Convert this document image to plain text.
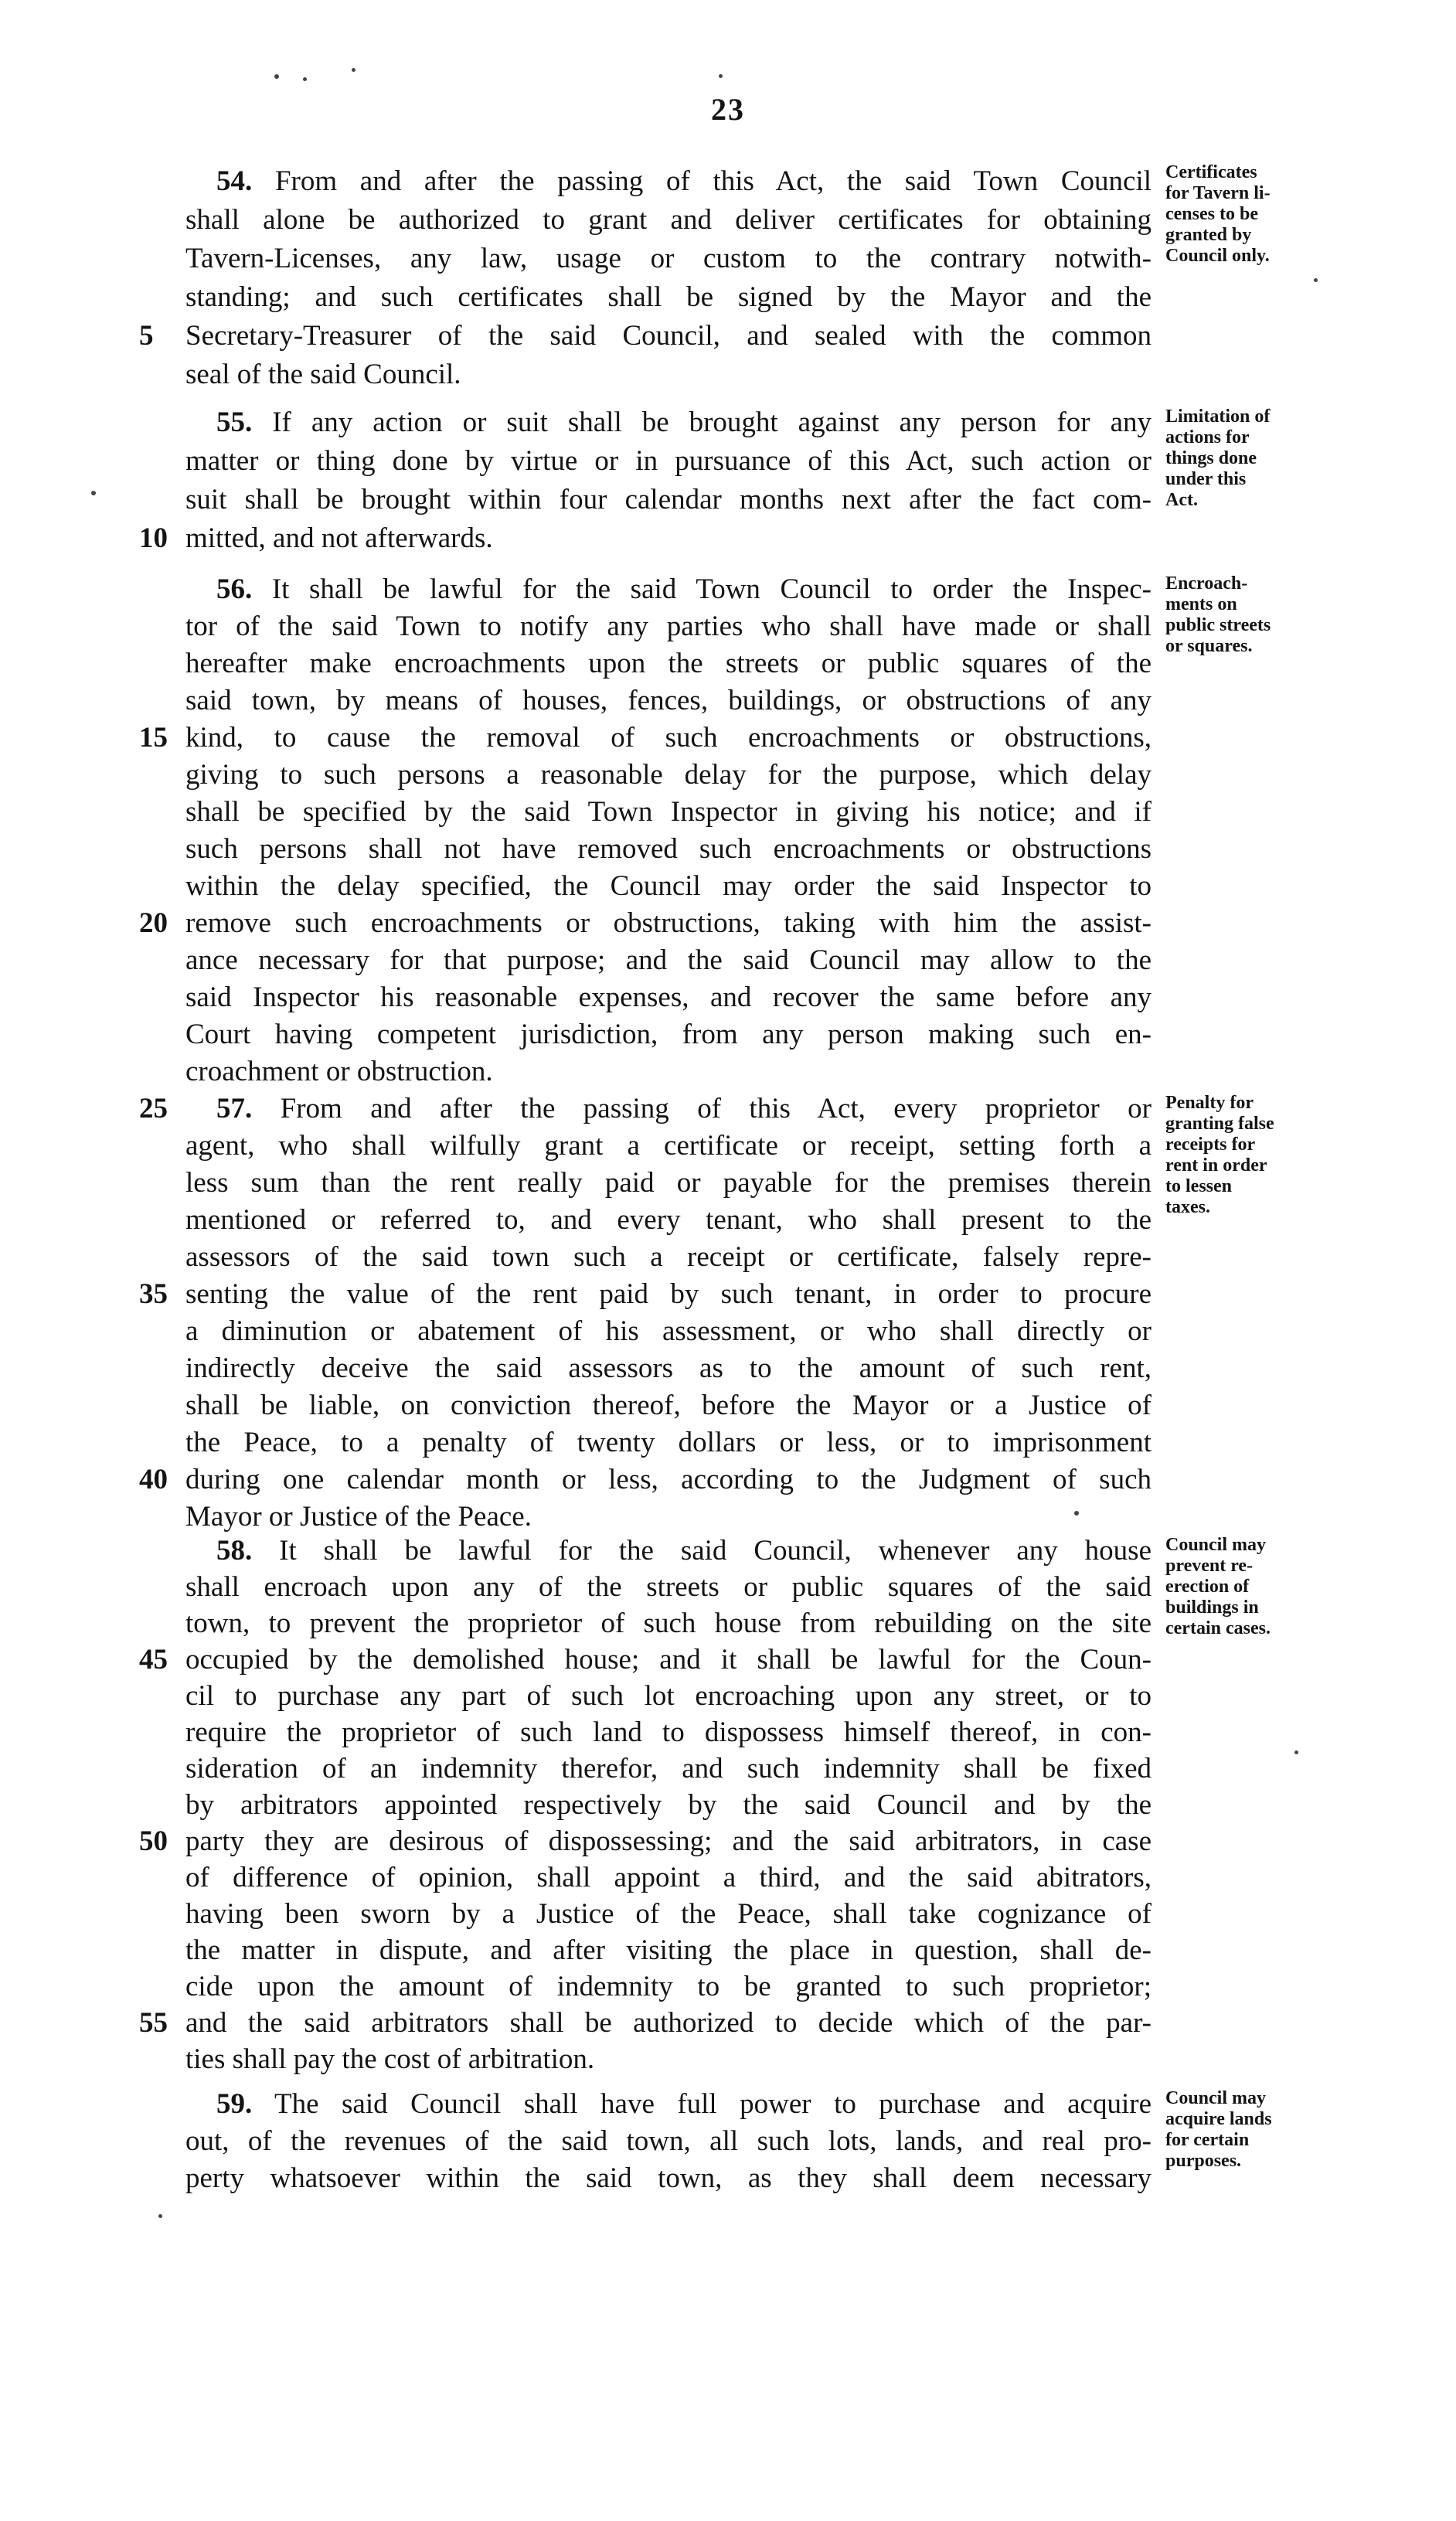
23
54. From and after the passing of this Act, the said Town Council
shall alone be authorized to grant and deliver certificates for obtaining
Tavern-Licenses, any law, usage or custom to the contrary notwith-
standing; and such certificates shall be signed by the Mayor and the
Secretary-Treasurer of the said Council, and sealed with the common
seal of the said Council.
Certificates
for Tavern li-
censes to be
granted by
Council only.
55. If any action or suit shall be brought against any person for any
matter or thing done by virtue or in pursuance of this Act, such action or
suit shall be brought within four calendar months next after the fact com-
mitted, and not afterwards.
Limitation of
actions for
things done
under this
Act.
56. It shall be lawful for the said Town Council to order the Inspec-
tor of the said Town to notify any parties who shall have made or shall
hereafter make encroachments upon the streets or public squares of the
said town, by means of houses, fences, buildings, or obstructions of any
kind, to cause the removal of such encroachments or obstructions,
giving to such persons a reasonable delay for the purpose, which delay
shall be specified by the said Town Inspector in giving his notice; and if
such persons shall not have removed such encroachments or obstructions
within the delay specified, the Council may order the said Inspector to
remove such encroachments or obstructions, taking with him the assist-
ance necessary for that purpose; and the said Council may allow to the
said Inspector his reasonable expenses, and recover the same before any
Court having competent jurisdiction, from any person making such en-
croachment or obstruction.
Encroach-
ments on
public streets
or squares.
57. From and after the passing of this Act, every proprietor or
agent, who shall wilfully grant a certificate or receipt, setting forth a
less sum than the rent really paid or payable for the premises therein
mentioned or referred to, and every tenant, who shall present to the
assessors of the said town such a receipt or certificate, falsely repre-
senting the value of the rent paid by such tenant, in order to procure
a diminution or abatement of his assessment, or who shall directly or
indirectly deceive the said assessors as to the amount of such rent,
shall be liable, on conviction thereof, before the Mayor or a Justice of
the Peace, to a penalty of twenty dollars or less, or to imprisonment
during one calendar month or less, according to the Judgment of such
Mayor or Justice of the Peace.
Penalty for
granting false
receipts for
rent in order
to lessen
taxes.
58. It shall be lawful for the said Council, whenever any house
shall encroach upon any of the streets or public squares of the said
town, to prevent the proprietor of such house from rebuilding on the site
occupied by the demolished house; and it shall be lawful for the Coun-
cil to purchase any part of such lot encroaching upon any street, or to
require the proprietor of such land to dispossess himself thereof, in con-
sideration of an indemnity therefor, and such indemnity shall be fixed
by arbitrators appointed respectively by the said Council and by the
party they are desirous of dispossessing; and the said arbitrators, in case
of difference of opinion, shall appoint a third, and the said abitrators,
having been sworn by a Justice of the Peace, shall take cognizance of
the matter in dispute, and after visiting the place in question, shall de-
cide upon the amount of indemnity to be granted to such proprietor;
and the said arbitrators shall be authorized to decide which of the par-
ties shall pay the cost of arbitration.
Council may
prevent re-
erection of
buildings in
certain cases.
59. The said Council shall have full power to purchase and acquire
out, of the revenues of the said town, all such lots, lands, and real pro-
perty whatsoever within the said town, as they shall deem necessary
Council may
acquire lands
for certain
purposes.
5
10
15
20
25
35
40
45
50
55
